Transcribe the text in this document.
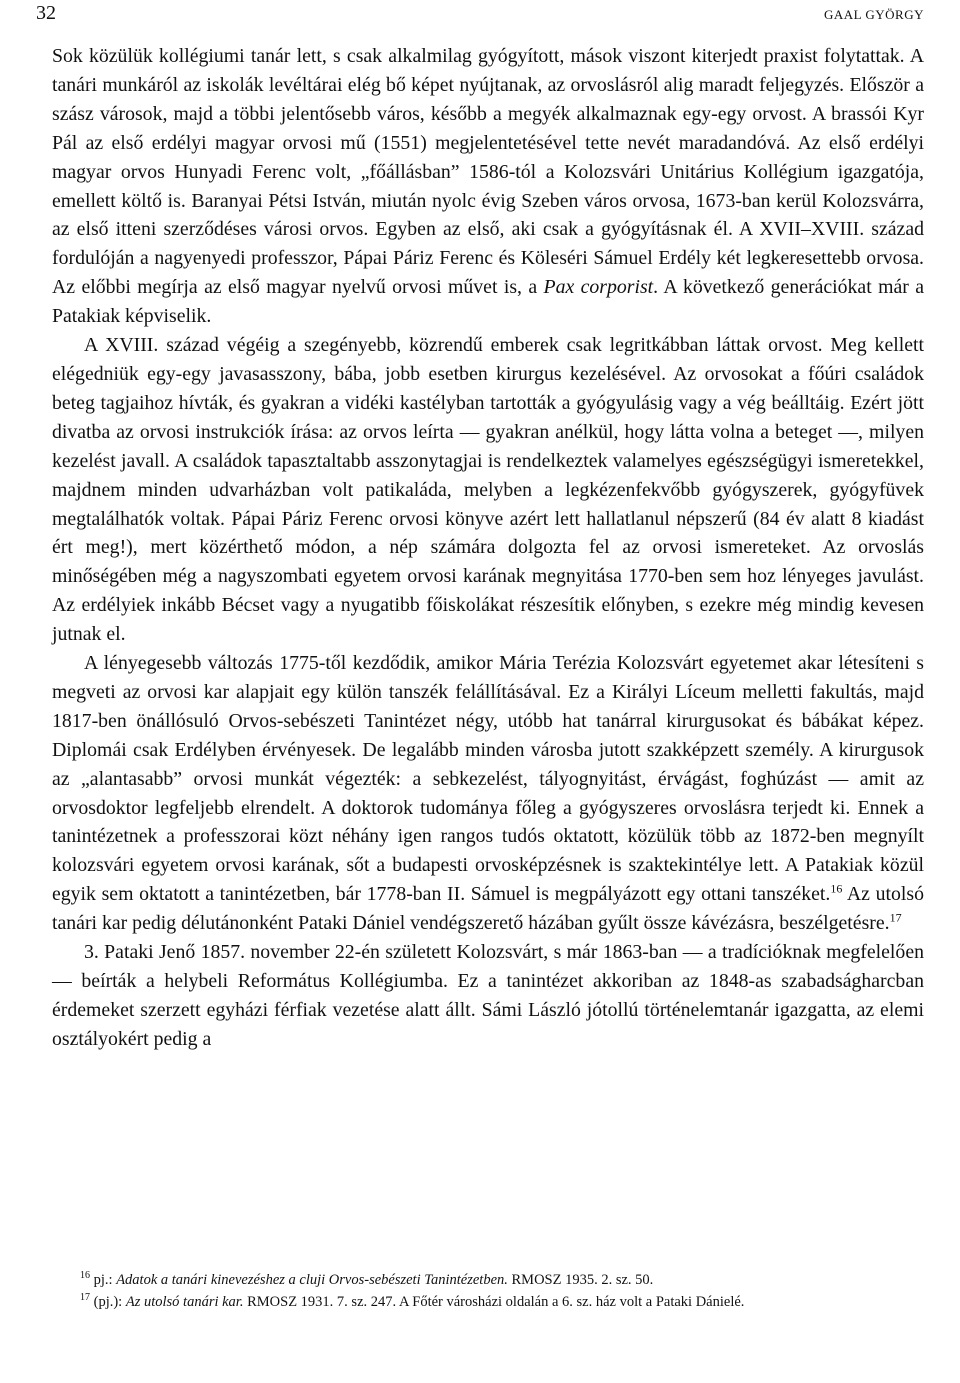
32	GAAL GYÖRGY

Sok közülük kollégiumi tanár lett, s csak alkalmilag gyógyított, mások viszont kiterjedt praxist folytattak. A tanári munkáról az iskolák levéltárai elég bő képet nyújtanak, az orvoslásról alig maradt feljegyzés. Először a szász városok, majd a többi jelentősebb város, később a megyék alkalmaznak egy-egy orvost. A brassói Kyr Pál az első erdélyi magyar orvosi mű (1551) megjelentetésével tette nevét maradandóvá. Az első erdélyi magyar orvos Hunyadi Ferenc volt, „főállásban” 1586-tól a Kolozsvári Unitárius Kollégium igazgatója, emellett költő is. Baranyai Pétsi István, miután nyolc évig Szeben város orvosa, 1673-ban kerül Kolozsvárra, az első itteni szerződéses városi orvos. Egyben az első, aki csak a gyógyításnak él. A XVII–XVIII. század fordulóján a nagyenyedi professzor, Pápai Páriz Ferenc és Köleséri Sámuel Erdély két legkeresettebb orvosa. Az előbbi megírja az első magyar nyelvű orvosi művet is, a Pax corporist. A következő generációkat már a Patakiak képviselik.

A XVIII. század végéig a szegényebb, közrendű emberek csak legritkábban láttak orvost. Meg kellett elégedniük egy-egy javasasszony, bába, jobb esetben kirurgus kezelésével. Az orvosokat a főúri családok beteg tagjaihoz hívták, és gyakran a vidéki kastélyban tartották a gyógyulásig vagy a vég beálltáig. Ezért jött divatba az orvosi instrukciók írása: az orvos leírta — gyakran anélkül, hogy látta volna a beteget —, milyen kezelést javall. A családok tapasztaltabb asszonytagjai is rendelkeztek valamelyes egészségügyi ismeretekkel, majdnem minden udvarházban volt patikaláda, melyben a legkézenfekvőbb gyógyszerek, gyógyfüvek megtalálhatók voltak. Pápai Páriz Ferenc orvosi könyve azért lett hallatlanul népszerű (84 év alatt 8 kiadást ért meg!), mert közérthető módon, a nép számára dolgozta fel az orvosi ismereteket. Az orvoslás minőségében még a nagyszombati egyetem orvosi karának megnyitása 1770-ben sem hoz lényeges javulást. Az erdélyiek inkább Bécset vagy a nyugatibb főiskolákat részesítik előnyben, s ezekre még mindig kevesen jutnak el.

A lényegesebb változás 1775-től kezdődik, amikor Mária Terézia Kolozsvárt egyetemet akar létesíteni s megveti az orvosi kar alapjait egy külön tanszék felállításával. Ez a Királyi Líceum melletti fakultás, majd 1817-ben önállósuló Orvos-sebészeti Tanintézet négy, utóbb hat tanárral kirurgusokat és bábákat képez. Diplomái csak Erdélyben érvényesek. De legalább minden városba jutott szakképzett személy. A kirurgusok az „alantasabb” orvosi munkát végezték: a sebkezelést, tályognyitást, érvágást, foghúzást — amit az orvosdoktor legfeljebb elrendelt. A doktorok tudománya főleg a gyógyszeres orvoslásra terjedt ki. Ennek a tanintézetnek a professzorai közt néhány igen rangos tudós oktatott, közülük több az 1872-ben megnyílt kolozsvári egyetem orvosi karának, sőt a budapesti orvosképzésnek is szaktekintélye lett. A Patakiak közül egyik sem oktatott a tanintézetben, bár 1778-ban II. Sámuel is megpályázott egy ottani tanszéket.$^{16}$ Az utolsó tanári kar pedig délutánonként Pataki Dániel vendégszerető házában gyűlt össze kávézásra, beszélgetésre.$^{17}$

3. Pataki Jenő 1857. november 22-én született Kolozsvárt, s már 1863-ban — a tradícióknak megfelelően — beírták a helybeli Református Kollégiumba. Ez a tanintézet akkoriban az 1848-as szabadságharcban érdemeket szerzett egyházi férfiak vezetése alatt állt. Sámi László jótollú történelemtanár igazgatta, az elemi osztályokért pedig a

$^{16}$ pj.: Adatok a tanári kinevezéshez a cluji Orvos-sebészeti Tanintézetben. RMOSZ 1935. 2. sz. 50.

$^{17}$ (pj.): Az utolsó tanári kar. RMOSZ 1931. 7. sz. 247. A Főtér városházi oldalán a 6. sz. ház volt a Pataki Dánielé.
